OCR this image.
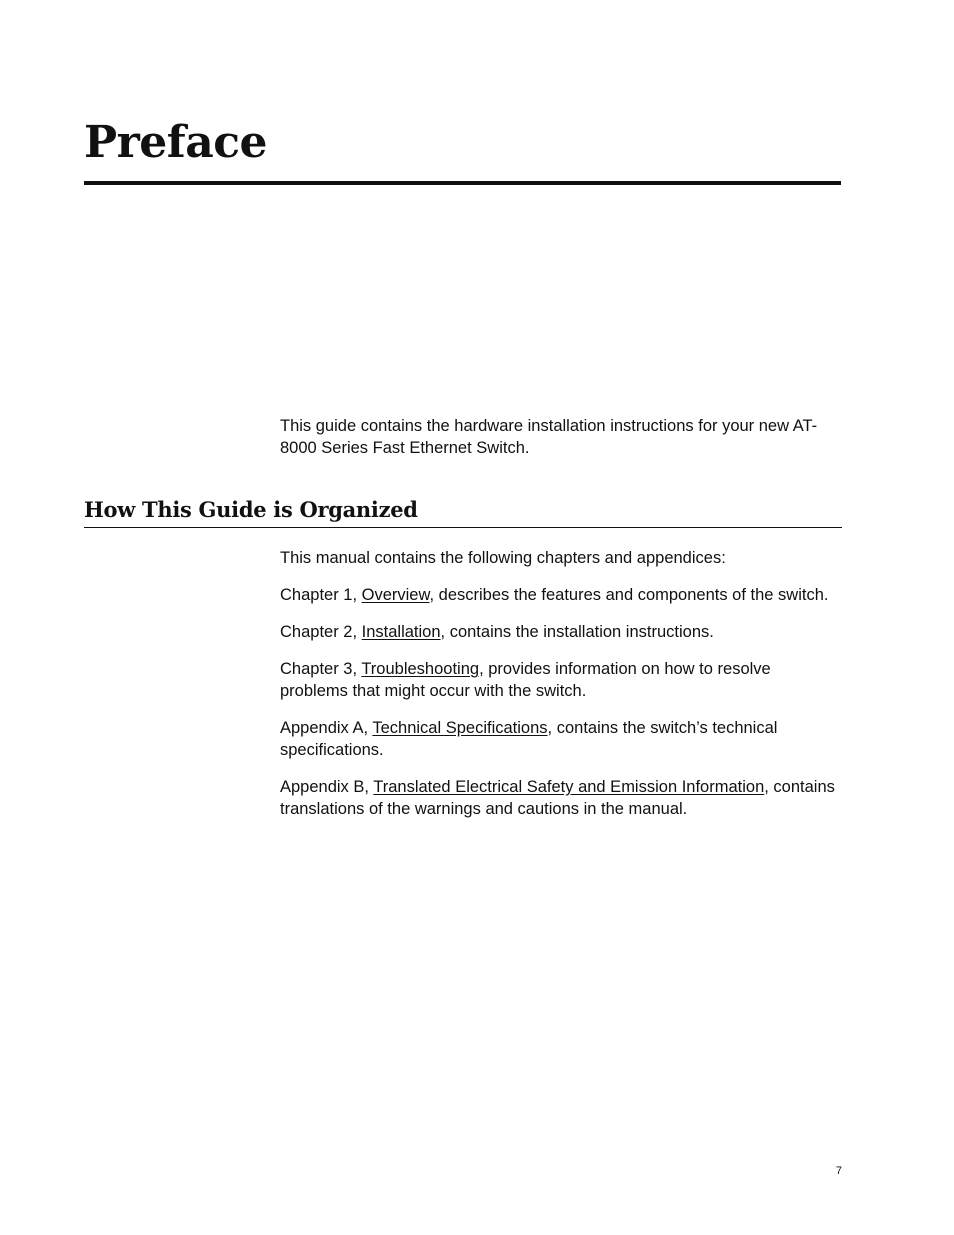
Preface

This guide contains the hardware installation instructions for your new AT-8000 Series Fast Ethernet Switch.

How This Guide is Organized

This manual contains the following chapters and appendices:

Chapter 1, Overview, describes the features and components of the switch.

Chapter 2, Installation, contains the installation instructions.

Chapter 3, Troubleshooting, provides information on how to resolve problems that might occur with the switch.

Appendix A, Technical Specifications, contains the switch’s technical specifications.

Appendix B, Translated Electrical Safety and Emission Information, contains translations of the warnings and cautions in the manual.

7
